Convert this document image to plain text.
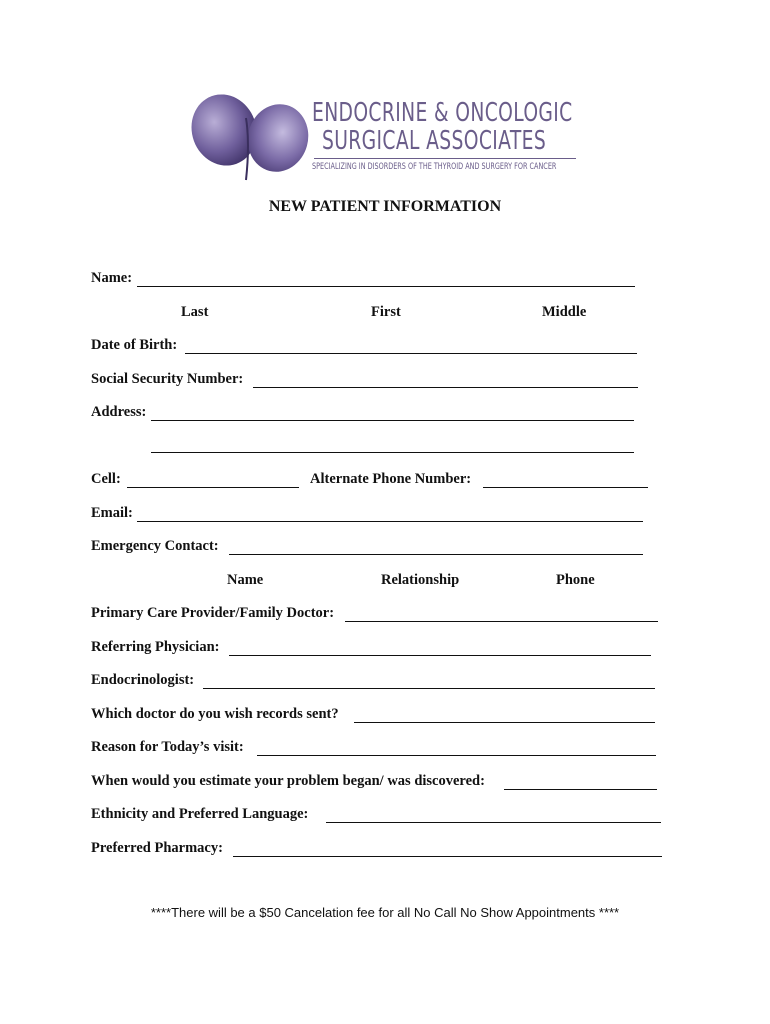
ENDOCRINE & ONCOLOGIC
SURGICAL ASSOCIATES
SPECIALIZING IN DISORDERS OF THE THYROID AND SURGERY FOR CANCER
NEW PATIENT INFORMATION
Name:
Last	First	Middle
Date of Birth:
Social Security Number:
Address:
Cell:	Alternate Phone Number:
Email:
Emergency Contact:
Name	Relationship	Phone
Primary Care Provider/Family Doctor:
Referring Physician:
Endocrinologist:
Which doctor do you wish records sent?
Reason for Today’s visit:
When would you estimate your problem began/ was discovered:
Ethnicity and Preferred Language:
Preferred Pharmacy:
****There will be a $50 Cancelation fee for all No Call No Show Appointments ****
